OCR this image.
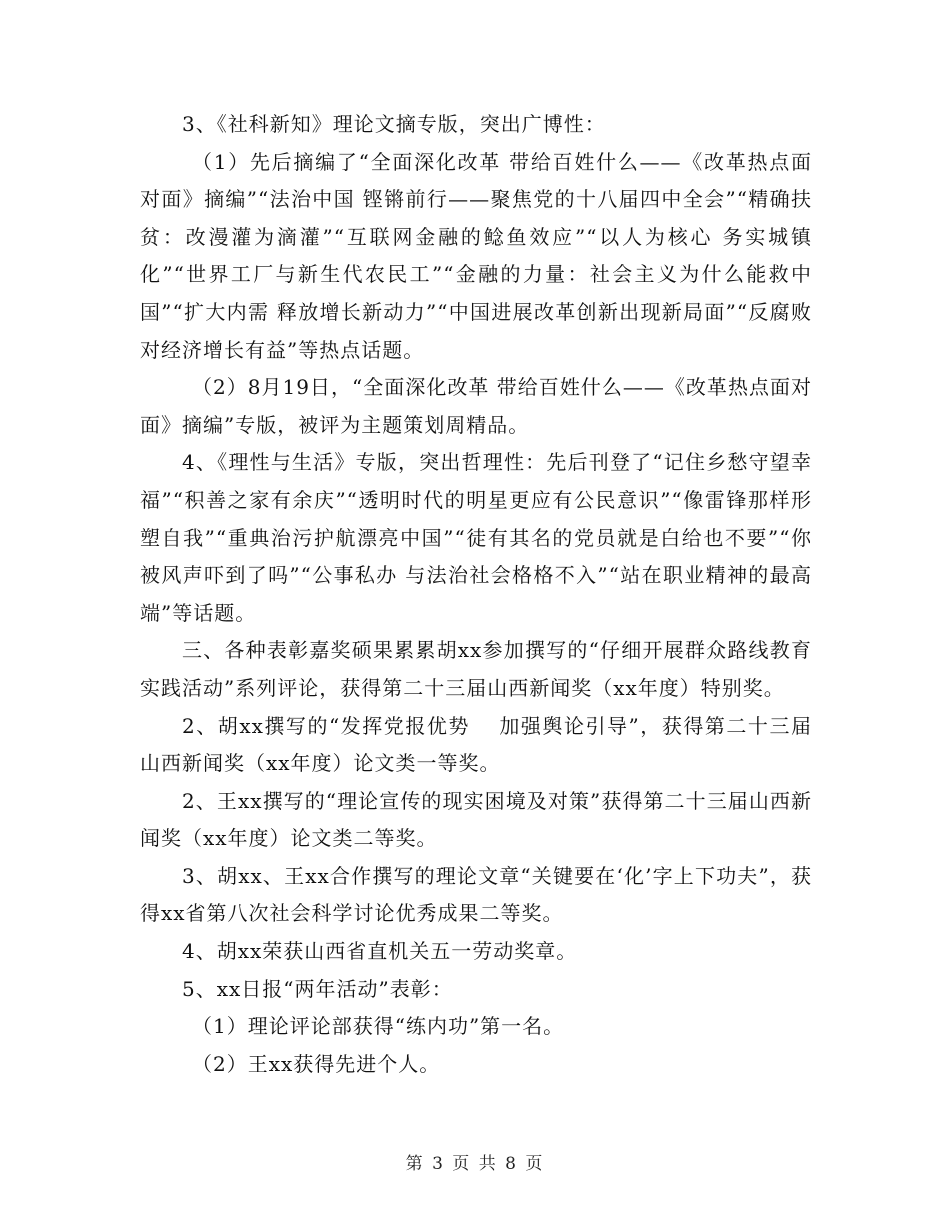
3、《社科新知》理论文摘专版，突出广博性：

（1）先后摘编了“全面深化改革 带给百姓什么——《改革热点面对面》摘编”“法治中国 铿锵前行——聚焦党的十八届四中全会”“精确扶贫：改漫灌为滴灌”“互联网金融的鲶鱼效应”“以人为核心 务实城镇化”“世界工厂与新生代农民工”“金融的力量：社会主义为什么能救中国”“扩大内需 释放增长新动力”“中国进展改革创新出现新局面”“反腐败对经济增长有益”等热点话题。

（2）8月19日，“全面深化改革 带给百姓什么——《改革热点面对面》摘编”专版，被评为主题策划周精品。

4、《理性与生活》专版，突出哲理性：先后刊登了“记住乡愁守望幸福”“积善之家有余庆”“透明时代的明星更应有公民意识”“像雷锋那样形塑自我”“重典治污护航漂亮中国”“徒有其名的党员就是白给也不要”“你被风声吓到了吗”“公事私办 与法治社会格格不入”“站在职业精神的最高端”等话题。

三、各种表彰嘉奖硕果累累胡xx参加撰写的“仔细开展群众路线教育实践活动”系列评论，获得第二十三届山西新闻奖（xx年度）特别奖。

2、胡xx撰写的“发挥党报优势　 加强舆论引导”，获得第二十三届山西新闻奖（xx年度）论文类一等奖。

2、王xx撰写的“理论宣传的现实困境及对策”获得第二十三届山西新闻奖（xx年度）论文类二等奖。

3、胡xx、王xx合作撰写的理论文章“关键要在‘化’字上下功夫”，获得xx省第八次社会科学讨论优秀成果二等奖。

4、胡xx荣获山西省直机关五一劳动奖章。

5、xx日报“两年活动”表彰：

（1）理论评论部获得“练内功”第一名。

（2）王xx获得先进个人。

第 3 页 共 8 页
